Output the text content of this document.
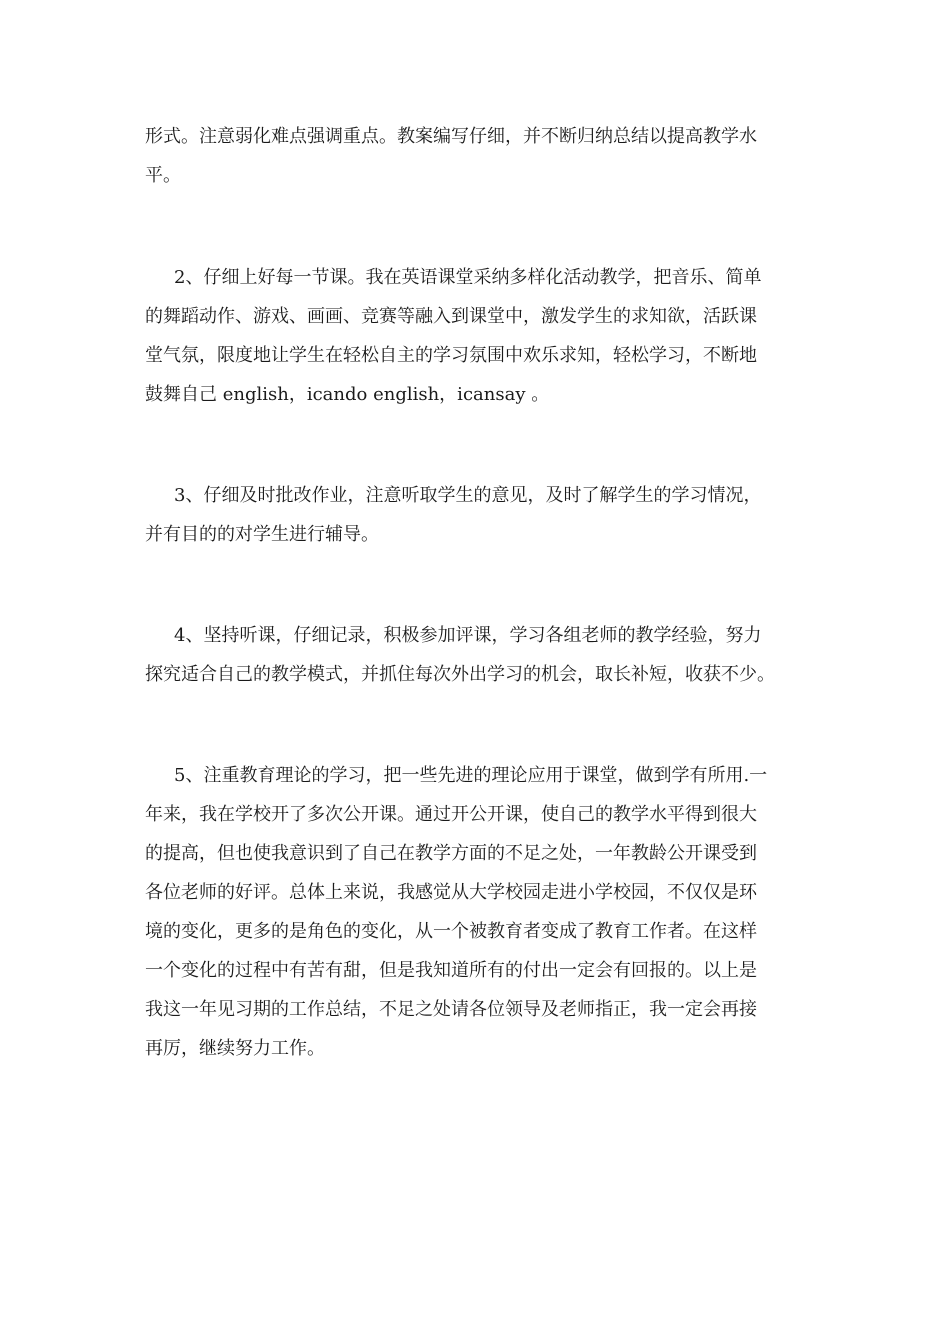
形式。注意弱化难点强调重点。教案编写仔细，并不断归纳总结以提高教学水
平。

2、仔细上好每一节课。我在英语课堂采纳多样化活动教学，把音乐、简单
的舞蹈动作、游戏、画画、竞赛等融入到课堂中，激发学生的求知欲，活跃课
堂气氛，限度地让学生在轻松自主的学习氛围中欢乐求知，轻松学习，不断地
鼓舞自己 english，icando english，icansay 。

3、仔细及时批改作业，注意听取学生的意见，及时了解学生的学习情况，
并有目的的对学生进行辅导。

4、坚持听课，仔细记录，积极参加评课，学习各组老师的教学经验，努力
探究适合自己的教学模式，并抓住每次外出学习的机会，取长补短，收获不少。

5、注重教育理论的学习，把一些先进的理论应用于课堂，做到学有所用.一
年来，我在学校开了多次公开课。通过开公开课，使自己的教学水平得到很大
的提高，但也使我意识到了自己在教学方面的不足之处，一年教龄公开课受到
各位老师的好评。总体上来说，我感觉从大学校园走进小学校园，不仅仅是环
境的变化，更多的是角色的变化，从一个被教育者变成了教育工作者。在这样
一个变化的过程中有苦有甜，但是我知道所有的付出一定会有回报的。以上是
我这一年见习期的工作总结，不足之处请各位领导及老师指正，我一定会再接
再厉，继续努力工作。
